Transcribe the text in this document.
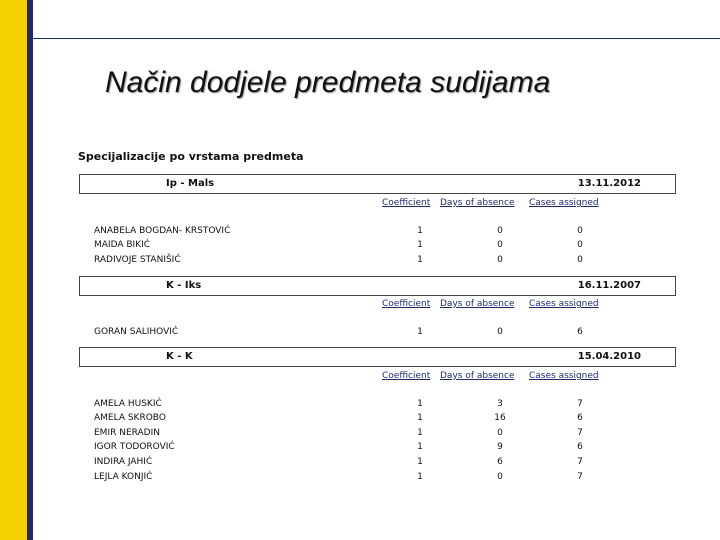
Način dodjele predmeta sudijama
Specijalizacije po vrstama predmeta
Ip - Mals	13.11.2012
Coefficient Days of absence Cases assigned
ANABELA BOGDAN- KRSTOVIĆ	1	0	0
MAIDA BIKIĆ	1	0	0
RADIVOJE STANIŠIĆ	1	0	0
K - Iks	16.11.2007
Coefficient Days of absence Cases assigned
GORAN SALIHOVIĆ	1	0	6
K - K	15.04.2010
Coefficient Days of absence Cases assigned
AMELA HUSKIĆ	1	3	7
AMELA SKROBO	1	16	6
EMIR NERADIN	1	0	7
IGOR TODOROVIĆ	1	9	6
INDIRA JAHIĆ	1	6	7
LEJLA KONJIĆ	1	0	7
